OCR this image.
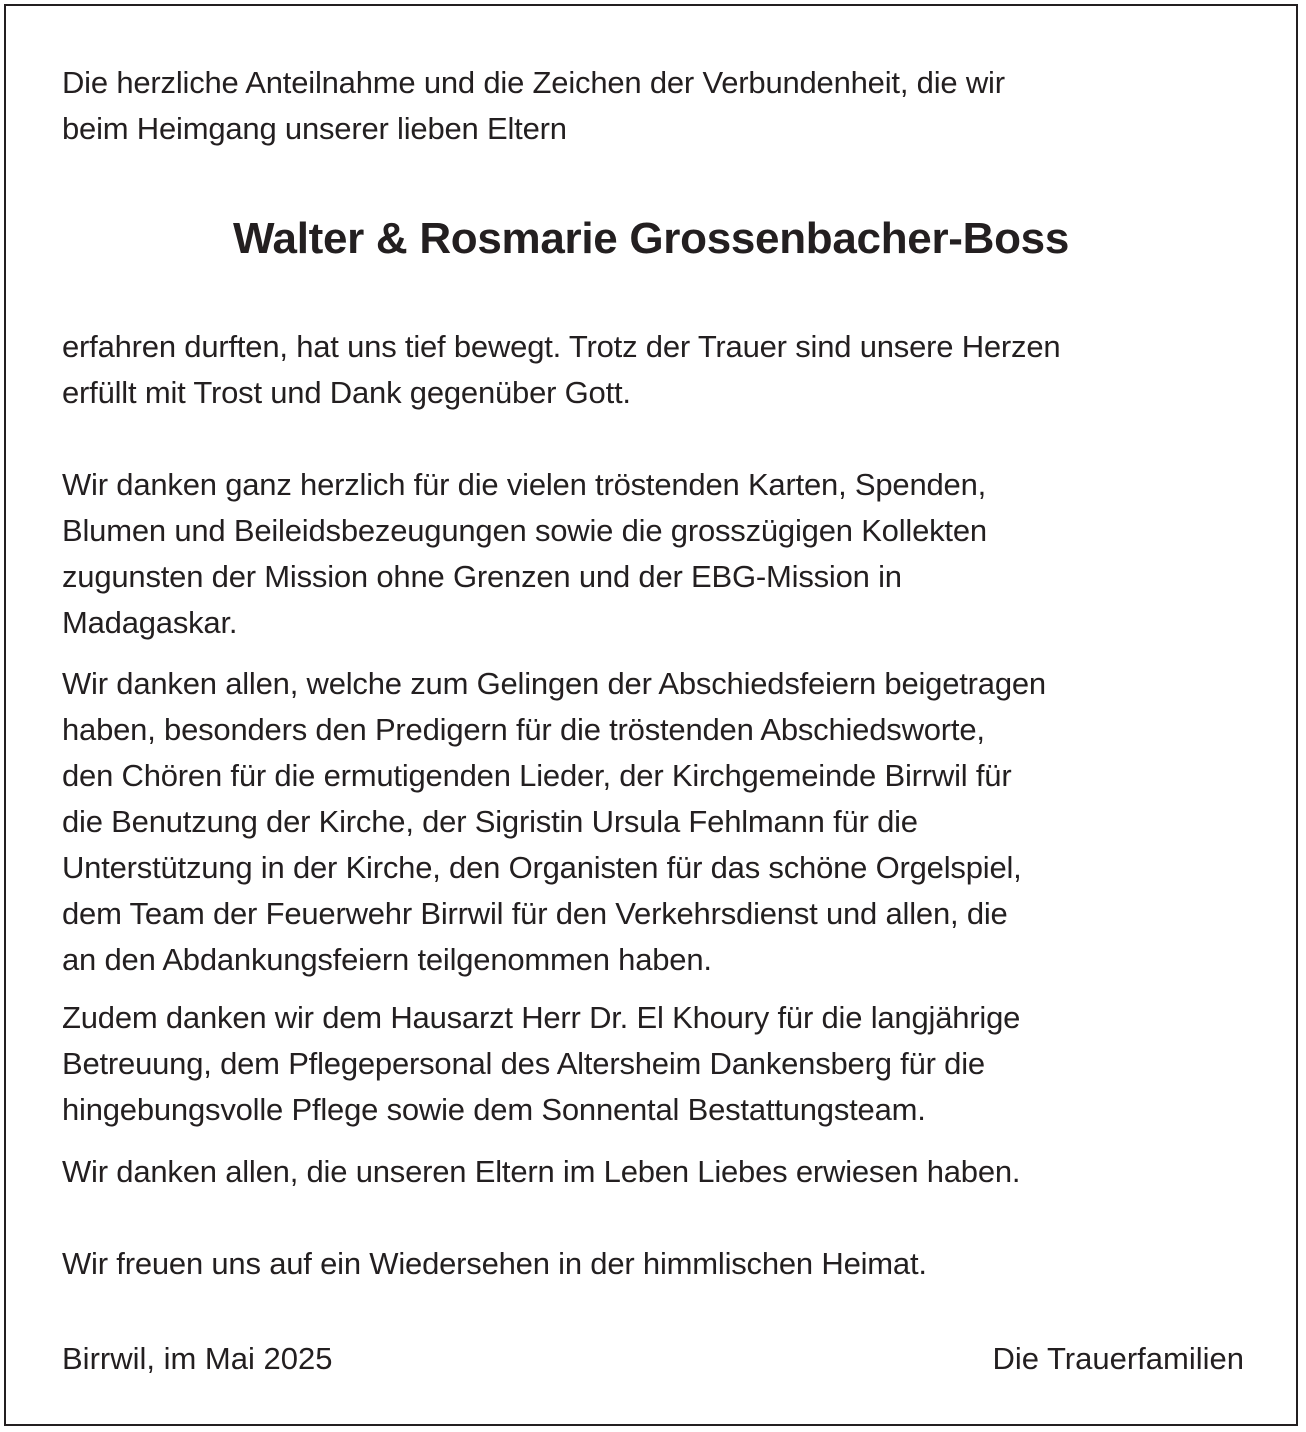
Die herzliche Anteilnahme und die Zeichen der Verbundenheit, die wir
beim Heimgang unserer lieben Eltern

Walter & Rosmarie Grossenbacher-Boss

erfahren durften, hat uns tief bewegt. Trotz der Trauer sind unsere Herzen
erfüllt mit Trost und Dank gegenüber Gott.

Wir danken ganz herzlich für die vielen tröstenden Karten, Spenden,
Blumen und Beileidsbezeugungen sowie die grosszügigen Kollekten
zugunsten der Mission ohne Grenzen und der EBG-Mission in
Madagaskar.

Wir danken allen, welche zum Gelingen der Abschiedsfeiern beigetragen
haben, besonders den Predigern für die tröstenden Abschiedsworte,
den Chören für die ermutigenden Lieder, der Kirchgemeinde Birrwil für
die Benutzung der Kirche, der Sigristin Ursula Fehlmann für die
Unterstützung in der Kirche, den Organisten für das schöne Orgelspiel,
dem Team der Feuerwehr Birrwil für den Verkehrsdienst und allen, die
an den Abdankungsfeiern teilgenommen haben.

Zudem danken wir dem Hausarzt Herr Dr. El Khoury für die langjährige
Betreuung, dem Pflegepersonal des Altersheim Dankensberg für die
hingebungsvolle Pflege sowie dem Sonnental Bestattungsteam.

Wir danken allen, die unseren Eltern im Leben Liebes erwiesen haben.

Wir freuen uns auf ein Wiedersehen in der himmlischen Heimat.

Birrwil, im Mai 2025	Die Trauerfamilien
